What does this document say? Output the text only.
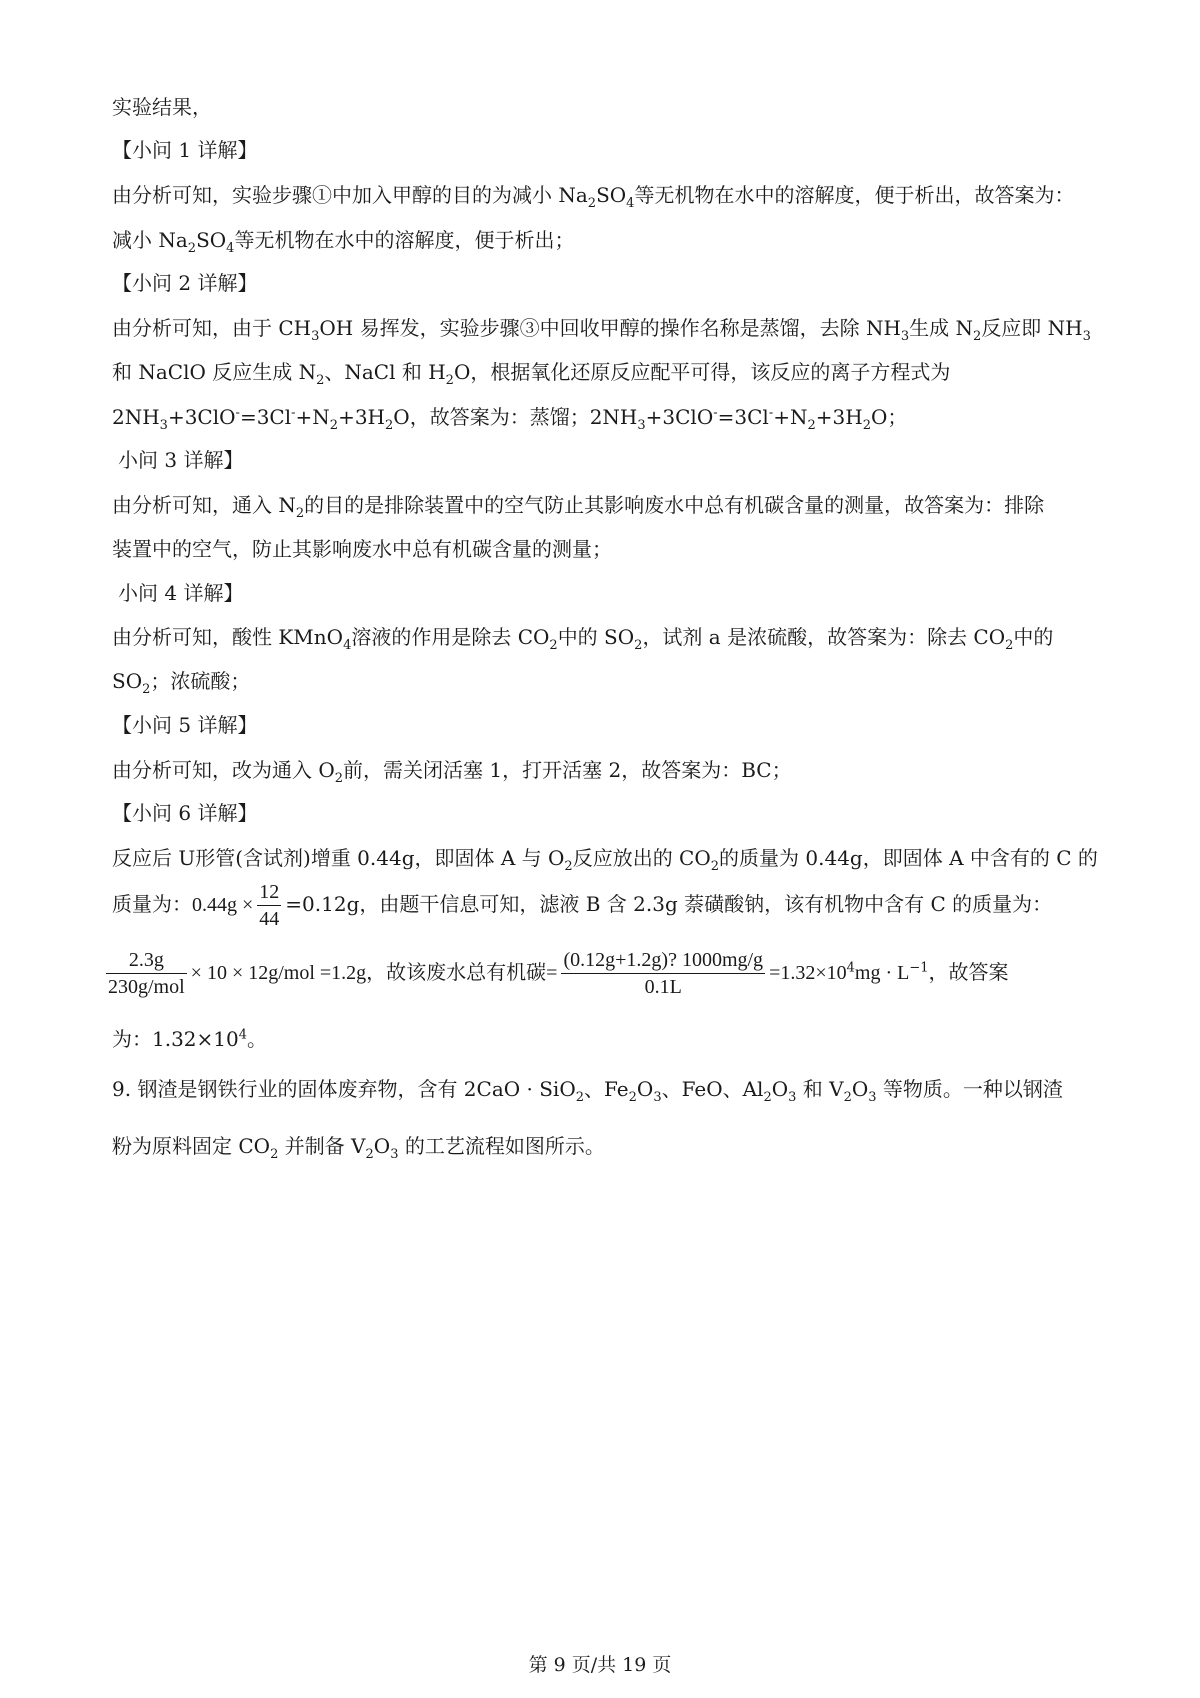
实验结果，
【小问 1 详解】
由分析可知，实验步骤①中加入甲醇的目的为减小 $Na_2SO_4$等无机物在水中的溶解度，便于析出，故答案为：
减小 $Na_2SO_4$等无机物在水中的溶解度，便于析出；
【小问 2 详解】
由分析可知，由于 $CH_3OH$ 易挥发，实验步骤③中回收甲醇的操作名称是蒸馏，去除 $NH_3$生成 $N_2$反应即 $NH_3$
和 NaClO 反应生成 $N_2$、NaCl 和 $H_2O$，根据氧化还原反应配平可得，该反应的离子方程式为
$2NH_3+3ClO^-=3Cl^-+N_2+3H_2O$，故答案为：蒸馏；$2NH_3+3ClO^-=3Cl^-+N_2+3H_2O$；
小问 3 详解】
由分析可知，通入 $N_2$的目的是排除装置中的空气防止其影响废水中总有机碳含量的测量，故答案为：排除
装置中的空气，防止其影响废水中总有机碳含量的测量；
小问 4 详解】
由分析可知，酸性 KMnO$_4$溶液的作用是除去 $CO_2$中的 $SO_2$，试剂 a 是浓硫酸，故答案为：除去 $CO_2$中的
$SO_2$；浓硫酸；
【小问 5 详解】
由分析可知，改为通入 $O_2$前，需关闭活塞 1，打开活塞 2，故答案为：BC；
【小问 6 详解】
反应后 U形管(含试剂)增重 0.44g，即固体 A 与 $O_2$反应放出的 $CO_2$的质量为 0.44g，即固体 A 中含有的 C 的
质量为：$0.44g \times \frac{12}{44} =0.12g$，由题干信息可知，滤液 B 含 2.3g 萘磺酸钠，该有机物中含有 C 的质量为：
$\frac{2.3g}{\text{230g/mol}} \times 10 \times 12g/mol =1.2g$，故该废水总有机碳= $\frac{(0.12g+1.2g)? 1000mg/g}{0.1L} =1.32\times 10^4mg \cdot L^{-1}$，故答案
为：$1.32\times 10^4$。
9. 钢渣是钢铁行业的固体废弃物，含有 2CaO · SiO$_2$、$Fe_2O_3$、FeO、$Al_2O_3$ 和 $V_2O_3$ 等物质。一种以钢渣
粉为原料固定 $CO_2$ 并制备 $V_2O_3$ 的工艺流程如图所示。
第 9 页/共 19 页
